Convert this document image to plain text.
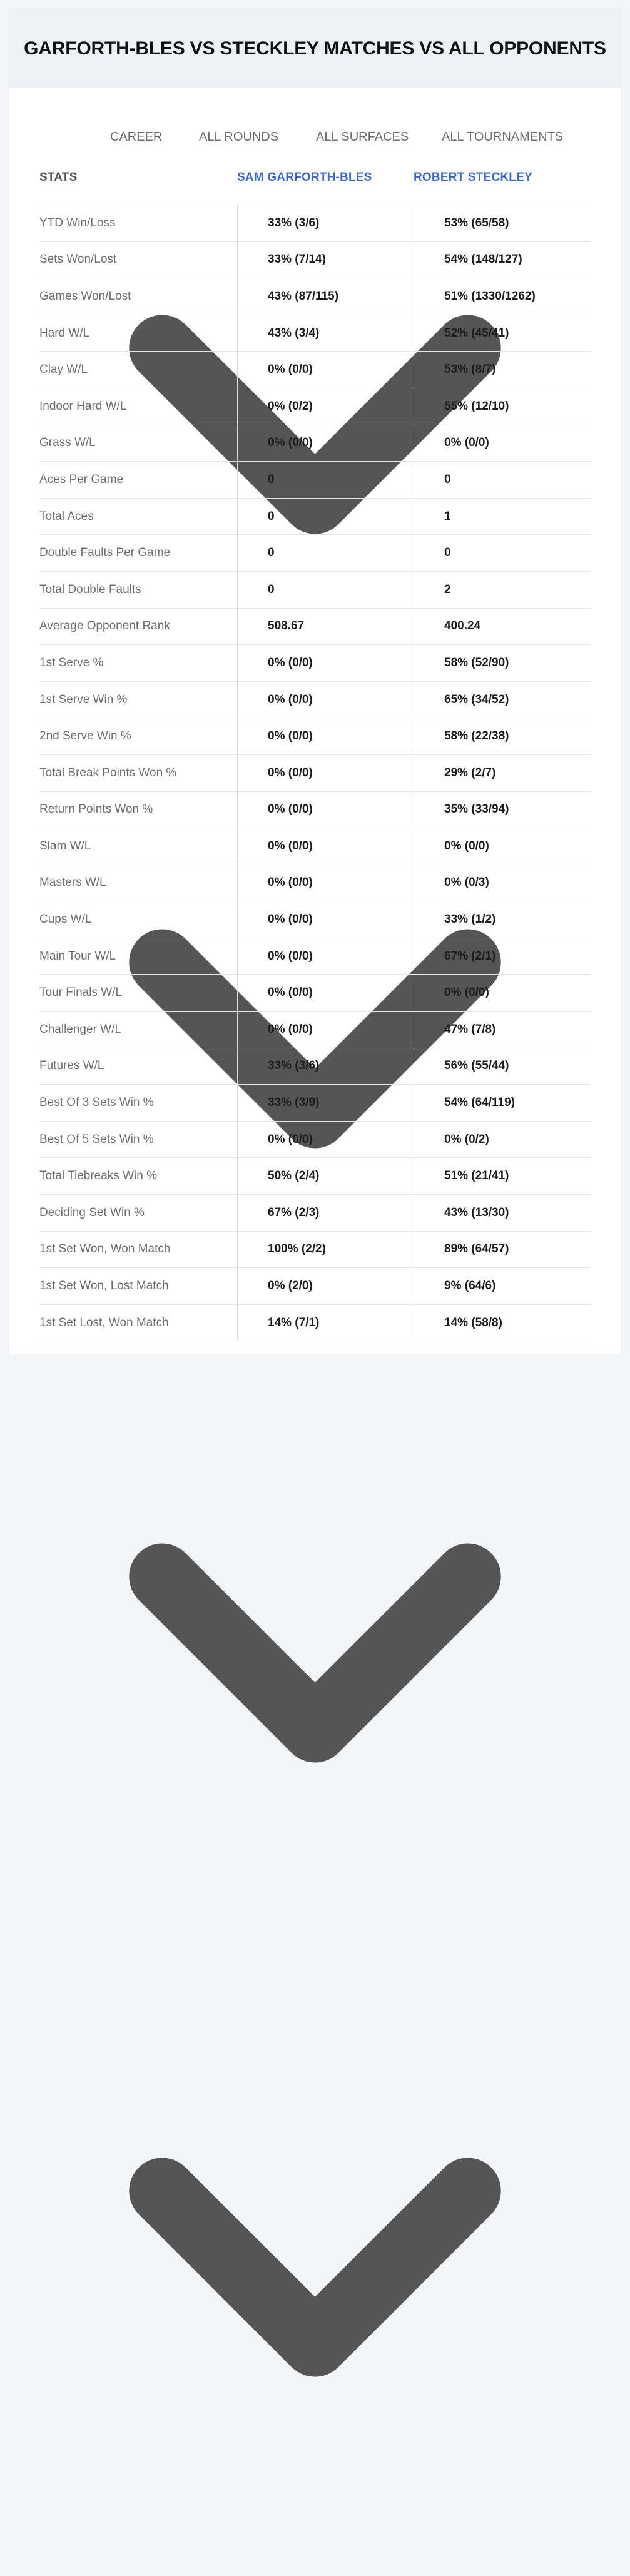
GARFORTH-BLES VS STECKLEY MATCHES VS ALL OPPONENTS
CAREER	ALL ROUNDS	ALL SURFACES	ALL TOURNAMENTS
STATS	SAM GARFORTH-BLES	ROBERT STECKLEY
YTD Win/Loss	33% (3/6)	53% (65/58)
Sets Won/Lost	33% (7/14)	54% (148/127)
Games Won/Lost	43% (87/115)	51% (1330/1262)
Hard W/L	43% (3/4)	52% (45/41)
Clay W/L	0% (0/0)	53% (8/7)
Indoor Hard W/L	0% (0/2)	55% (12/10)
Grass W/L	0% (0/0)	0% (0/0)
Aces Per Game	0	0
Total Aces	0	1
Double Faults Per Game	0	0
Total Double Faults	0	2
Average Opponent Rank	508.67	400.24
1st Serve %	0% (0/0)	58% (52/90)
1st Serve Win %	0% (0/0)	65% (34/52)
2nd Serve Win %	0% (0/0)	58% (22/38)
Total Break Points Won %	0% (0/0)	29% (2/7)
Return Points Won %	0% (0/0)	35% (33/94)
Slam W/L	0% (0/0)	0% (0/0)
Masters W/L	0% (0/0)	0% (0/3)
Cups W/L	0% (0/0)	33% (1/2)
Main Tour W/L	0% (0/0)	67% (2/1)
Tour Finals W/L	0% (0/0)	0% (0/0)
Challenger W/L	0% (0/0)	47% (7/8)
Futures W/L	33% (3/6)	56% (55/44)
Best Of 3 Sets Win %	33% (3/9)	54% (64/119)
Best Of 5 Sets Win %	0% (0/0)	0% (0/2)
Total Tiebreaks Win %	50% (2/4)	51% (21/41)
Deciding Set Win %	67% (2/3)	43% (13/30)
1st Set Won, Won Match	100% (2/2)	89% (64/57)
1st Set Won, Lost Match	0% (2/0)	9% (64/6)
1st Set Lost, Won Match	14% (7/1)	14% (58/8)
